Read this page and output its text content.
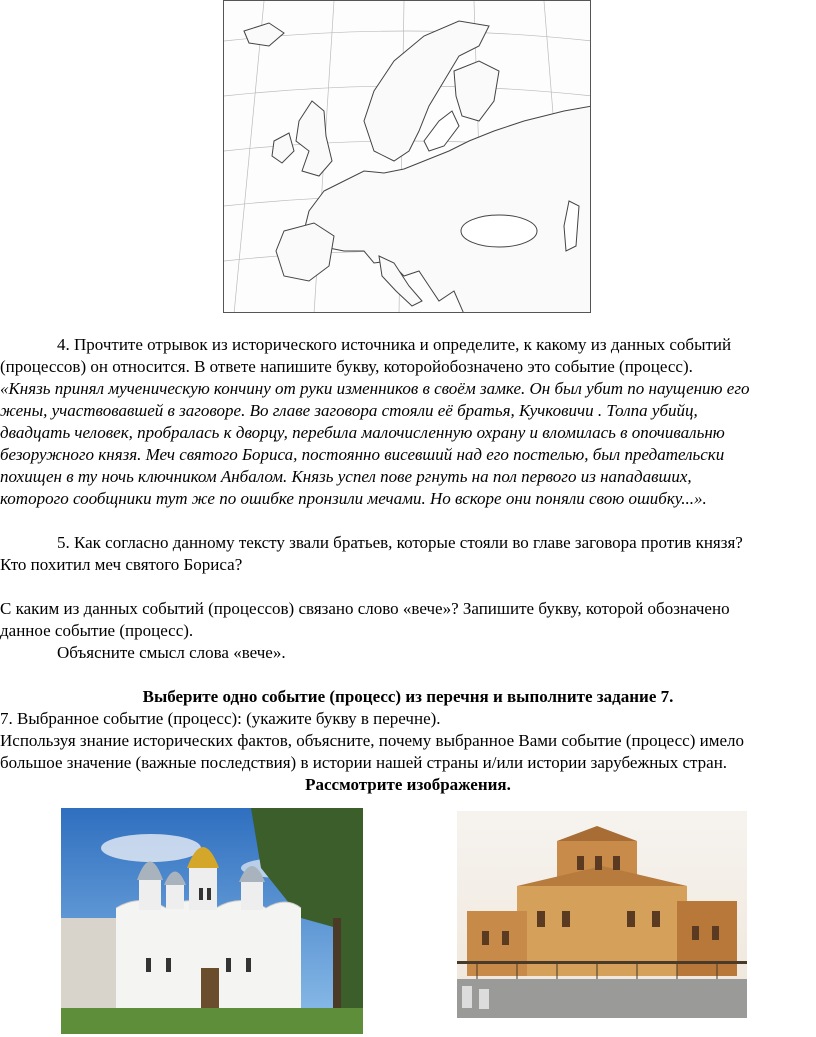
4. Прочтите отрывок из исторического источника и определите, к какому из данных событий

(процессов) он относится. В ответе напишите букву, которойобозначено это событие (процесс).

«Князь принял мученическую кончину от руки изменников в своём замке. Он был убит по наущению его

жены, участвовавшей в заговоре. Во главе заговора стояли её братья, Кучковичи . Толпа убийц,

двадцать человек, пробралась к дворцу, перебила малочисленную охрану и вломилась в опочивальню

безоружного князя. Меч святого Бориса, постоянно висевший над его постелью, был предательски

похищен в ту ночь ключником Анбалом. Князь успел пове ргнуть на пол первого из нападавших,

которого сообщники тут же по ошибке пронзили мечами. Но вскоре они поняли свою ошибку...».

5. Как согласно данному тексту звали братьев, которые стояли во главе заговора против князя?

Кто похитил меч святого Бориса?

С каким из данных событий (процессов) связано слово «вече»? Запишите букву, которой обозначено

данное событие (процесс).

Объясните смысл слова «вече».

Выберите одно событие (процесс) из перечня и выполните задание 7.

7. Выбранное событие (процесс): (укажите букву в перечне).

Используя знание исторических фактов, объясните, почему выбранное Вами событие (процесс) имело

большое значение (важные последствия) в истории нашей страны и/или истории зарубежных стран.

Рассмотрите изображения.
